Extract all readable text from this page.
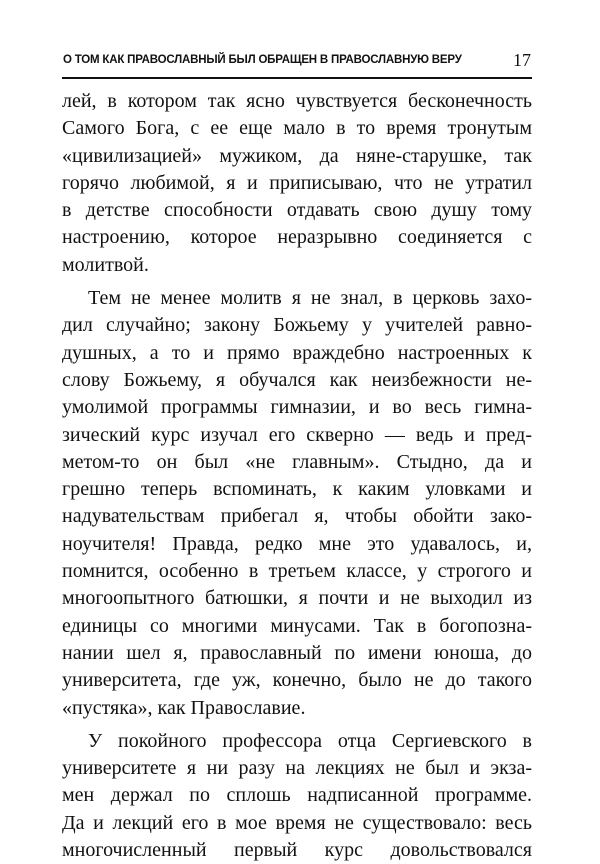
О ТОМ КАК ПРАВОСЛАВНЫЙ БЫЛ ОБРАЩЕН В ПРАВОСЛАВНУЮ ВЕРУ	17
лей, в котором так ясно чувствуется бесконечность
Самого Бога, с ее еще мало в то время тронутым
«цивилизацией» мужиком, да няне-старушке, так
горячо любимой, я и приписываю, что не утратил
в детстве способности отдавать свою душу тому
настроению, которое неразрывно соединяется с
молитвой.
Тем не менее молитв я не знал, в церковь захо-
дил случайно; закону Божьему у учителей равно-
душных, а то и прямо враждебно настроенных к
слову Божьему, я обучался как неизбежности не-
умолимой программы гимназии, и во весь гимна-
зический курс изучал его скверно — ведь и пред-
метом-то он был «не главным». Стыдно, да и
грешно теперь вспоминать, к каким уловками и
надувательствам прибегал я, чтобы обойти зако-
ноучителя! Правда, редко мне это удавалось, и,
помнится, особенно в третьем классе, у строгого и
многоопытного батюшки, я почти и не выходил из
единицы со многими минусами. Так в богопозна-
нании шел я, православный по имени юноша, до
университета, где уж, конечно, было не до такого
«пустяка», как Православие.
У покойного профессора отца Сергиевского в
университете я ни разу на лекциях не был и экза-
мен держал по сплошь надписанной программе.
Да и лекций его в мое время не существовало: весь
многочисленный первый курс довольствовался
